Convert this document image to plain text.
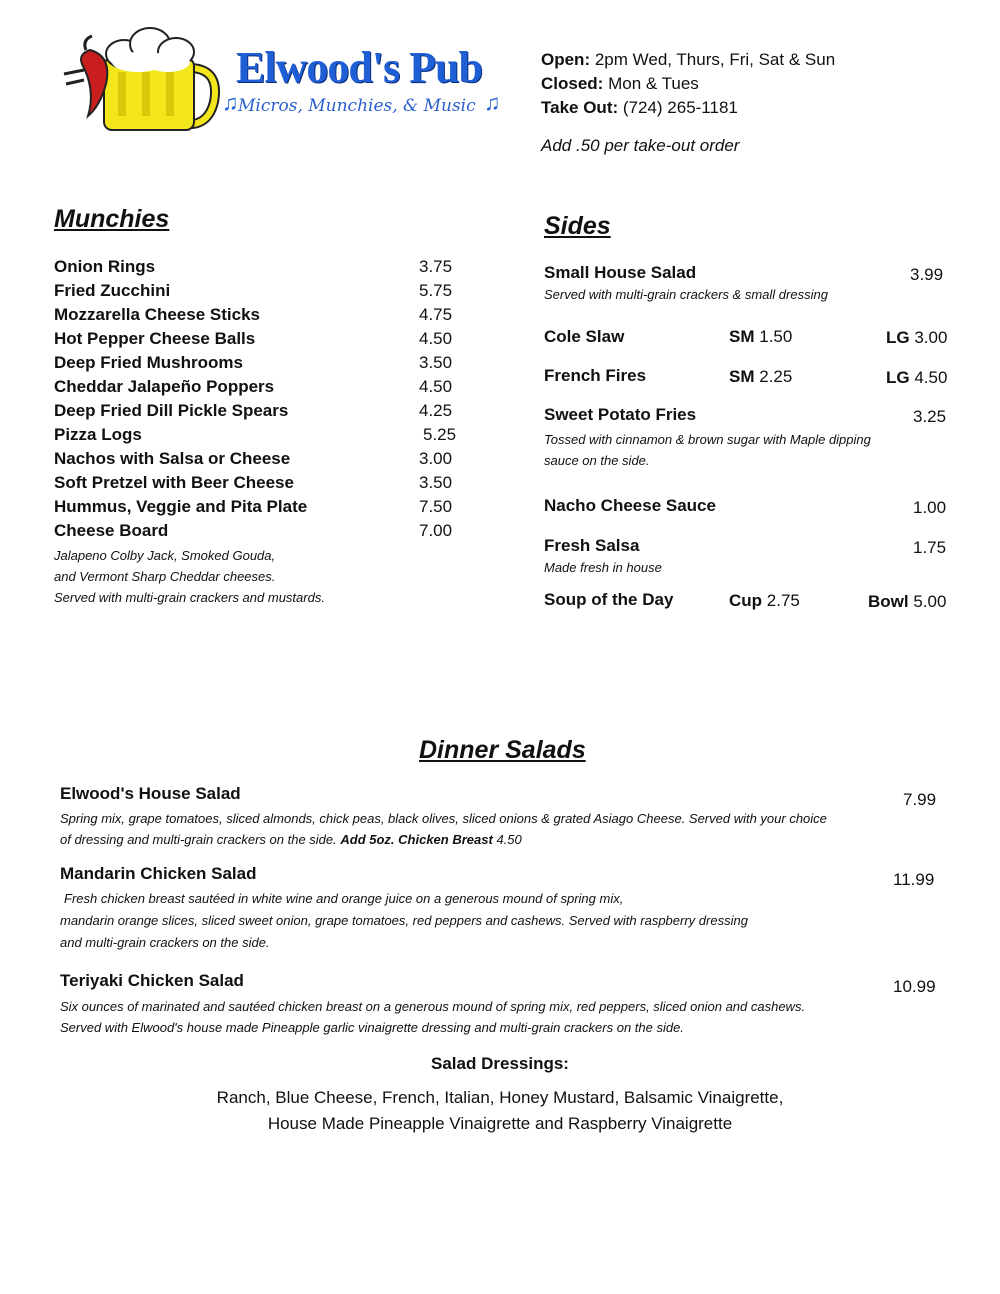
Elwood's Pub
♫ Micros, Munchies, & Music ♫
Open: 2pm Wed, Thurs, Fri, Sat & Sun
Closed: Mon & Tues
Take Out: (724) 265-1181
Add .50 per take-out order
Munchies
Onion Rings	3.75
Fried Zucchini	5.75
Mozzarella Cheese Sticks	4.75
Hot Pepper Cheese Balls	4.50
Deep Fried Mushrooms	3.50
Cheddar Jalapeño Poppers	4.50
Deep Fried Dill Pickle Spears	4.25
Pizza Logs	5.25
Nachos with Salsa or Cheese	3.00
Soft Pretzel with Beer Cheese	3.50
Hummus, Veggie and Pita Plate	7.50
Cheese Board	7.00
Jalapeno Colby Jack, Smoked Gouda,
and Vermont Sharp Cheddar cheeses.
Served with multi-grain crackers and mustards.
Sides
Small House Salad	3.99
Served with multi-grain crackers & small dressing
Cole Slaw	SM 1.50	LG 3.00
French Fires	SM 2.25	LG 4.50
Sweet Potato Fries	3.25
Tossed with cinnamon & brown sugar with Maple dipping
sauce on the side.
Nacho Cheese Sauce	1.00
Fresh Salsa	1.75
Made fresh in house
Soup of the Day	Cup 2.75	Bowl 5.00
Dinner Salads
Elwood's House Salad	7.99
Spring mix, grape tomatoes, sliced almonds, chick peas, black olives, sliced onions & grated Asiago Cheese. Served with your choice
of dressing and multi-grain crackers on the side. Add 5oz. Chicken Breast 4.50
Mandarin Chicken Salad	11.99
Fresh chicken breast sautéed in white wine and orange juice on a generous mound of spring mix,
mandarin orange slices, sliced sweet onion, grape tomatoes, red peppers and cashews. Served with raspberry dressing
and multi-grain crackers on the side.
Teriyaki Chicken Salad	10.99
Six ounces of marinated and sautéed chicken breast on a generous mound of spring mix, red peppers, sliced onion and cashews.
Served with Elwood's house made Pineapple garlic vinaigrette dressing and multi-grain crackers on the side.
Salad Dressings:
Ranch, Blue Cheese, French, Italian, Honey Mustard, Balsamic Vinaigrette,
House Made Pineapple Vinaigrette and Raspberry Vinaigrette
